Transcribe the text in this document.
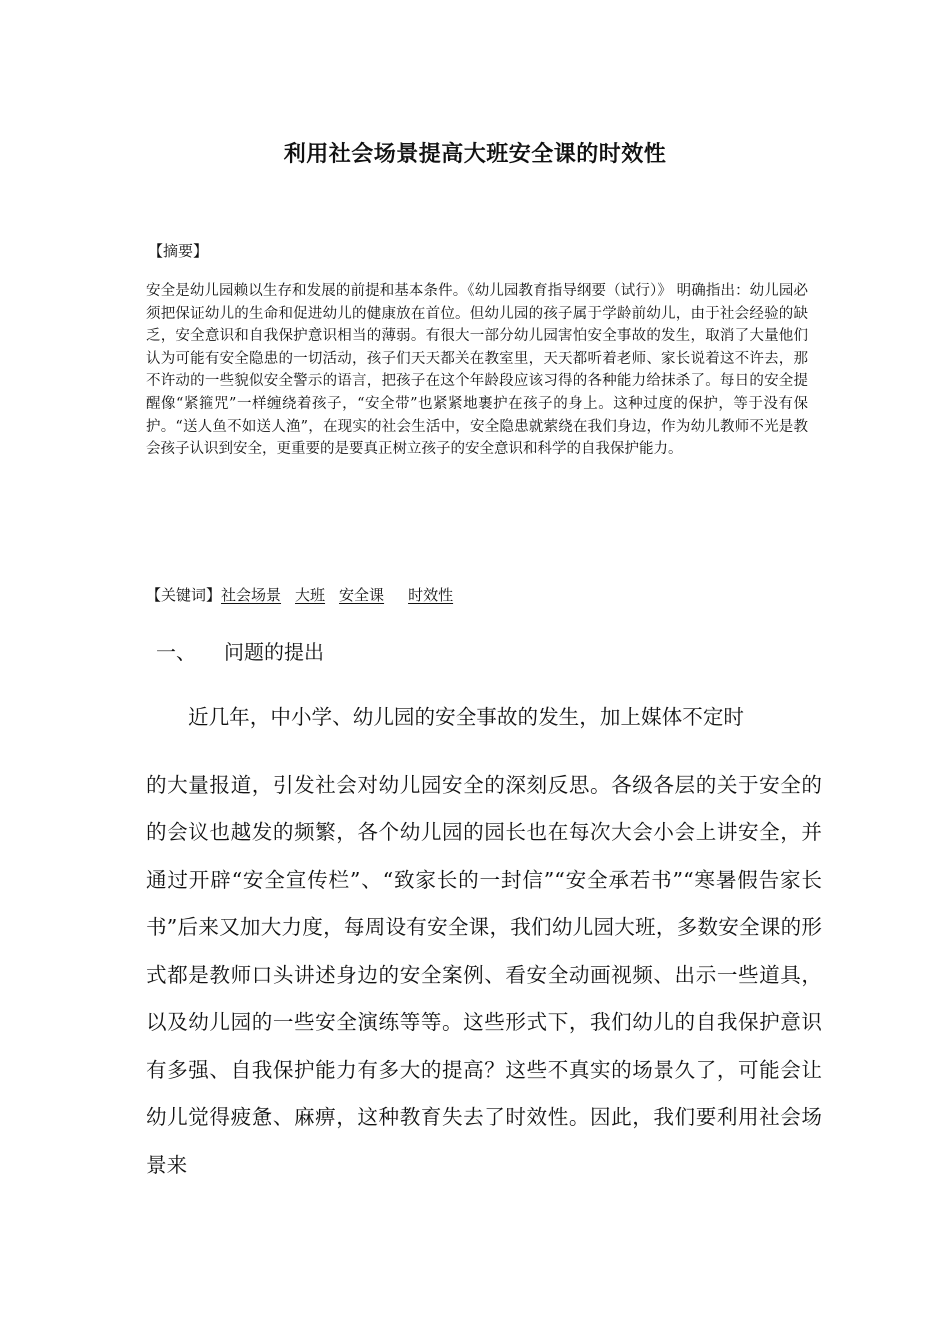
利用社会场景提高大班安全课的时效性
【摘要】

安全是幼儿园赖以生存和发展的前提和基本条件。《幼儿园教育指导纲要（试行）》 明确指出：幼儿园必须把保证幼儿的生命和促进幼儿的健康放在首位。但幼儿园的孩子属于学龄前幼儿，由于社会经验的缺乏，安全意识和自我保护意识相当的薄弱。有很大一部分幼儿园害怕安全事故的发生，取消了大量他们认为可能有安全隐患的一切活动，孩子们天天都关在教室里，天天都听着老师、家长说着这不许去，那不许动的一些貌似安全警示的语言，把孩子在这个年龄段应该习得的各种能力给抹杀了。每日的安全提醒像“紧箍咒”一样缠绕着孩子，“安全带”也紧紧地裹护在孩子的身上。这种过度的保护，等于没有保护。“送人鱼不如送人渔”，在现实的社会生活中，安全隐患就萦绕在我们身边，作为幼儿教师不光是教会孩子认识到安全，更重要的是要真正树立孩子的安全意识和科学的自我保护能力。

【关键词】社会场景 大班 安全课 时效性
一、 问题的提出
近几年，中小学、幼儿园的安全事故的发生，加上媒体不定时
的大量报道，引发社会对幼儿园安全的深刻反思。各级各层的关于安全的的会议也越发的频繁，各个幼儿园的园长也在每次大会小会上讲安全，并通过开辟“安全宣传栏”、“致家长的一封信”“安全承若书”“寒暑假告家长书”后来又加大力度，每周设有安全课，我们幼儿园大班，多数安全课的形式都是教师口头讲述身边的安全案例、看安全动画视频、出示一些道具，以及幼儿园的一些安全演练等等。这些形式下，我们幼儿的自我保护意识有多强、自我保护能力有多大的提高？这些不真实的场景久了，可能会让幼儿觉得疲惫、麻痹，这种教育失去了时效性。因此，我们要利用社会场景来
